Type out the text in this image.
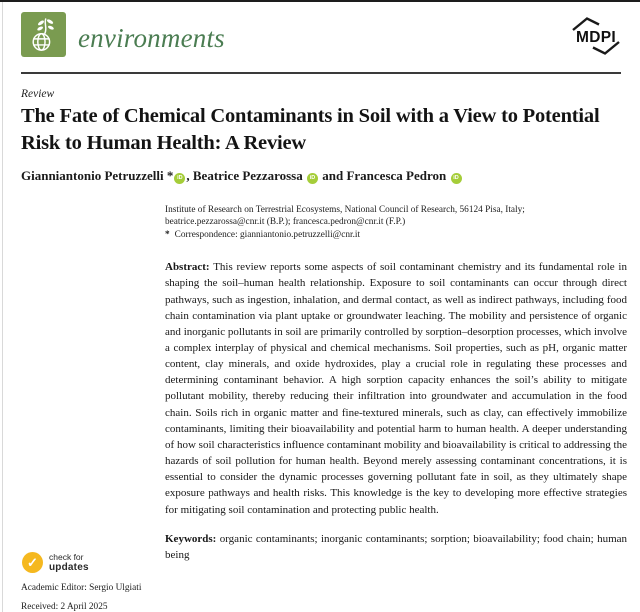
environments	MDPI
Review
The Fate of Chemical Contaminants in Soil with a View to Potential Risk to Human Health: A Review
Gianniantonio Petruzzelli * iD , Beatrice Pezzarossa iD and Francesca Pedron iD
Institute of Research on Terrestrial Ecosystems, National Council of Research, 56124 Pisa, Italy; beatrice.pezzarossa@cnr.it (B.P.); francesca.pedron@cnr.it (F.P.)
* Correspondence: gianniantonio.petruzzelli@cnr.it

Abstract: This review reports some aspects of soil contaminant chemistry and its fundamental role in shaping the soil–human health relationship. Exposure to soil contaminants can occur through direct pathways, such as ingestion, inhalation, and dermal contact, as well as indirect pathways, including food chain contamination via plant uptake or groundwater leaching. The mobility and persistence of organic and inorganic pollutants in soil are primarily controlled by sorption–desorption processes, which involve a complex interplay of physical and chemical mechanisms. Soil properties, such as pH, organic matter content, clay minerals, and oxide hydroxides, play a crucial role in regulating these processes and determining contaminant behavior. A high sorption capacity enhances the soil’s ability to mitigate pollutant mobility, thereby reducing their infiltration into groundwater and accumulation in the food chain. Soils rich in organic matter and fine-textured minerals, such as clay, can effectively immobilize contaminants, limiting their bioavailability and potential harm to human health. A deeper understanding of how soil characteristics influence contaminant mobility and bioavailability is critical to addressing the hazards of soil pollution for human health. Beyond merely assessing contaminant concentrations, it is essential to consider the dynamic processes governing pollutant fate in soil, as they ultimately shape exposure pathways and health risks. This knowledge is the key to developing more effective strategies for mitigating soil contamination and protecting public health.

Keywords: organic contaminants; inorganic contaminants; sorption; bioavailability; food chain; human being

✓	check for
updates
Academic Editor: Sergio Ulgiati
Received: 2 April 2025
